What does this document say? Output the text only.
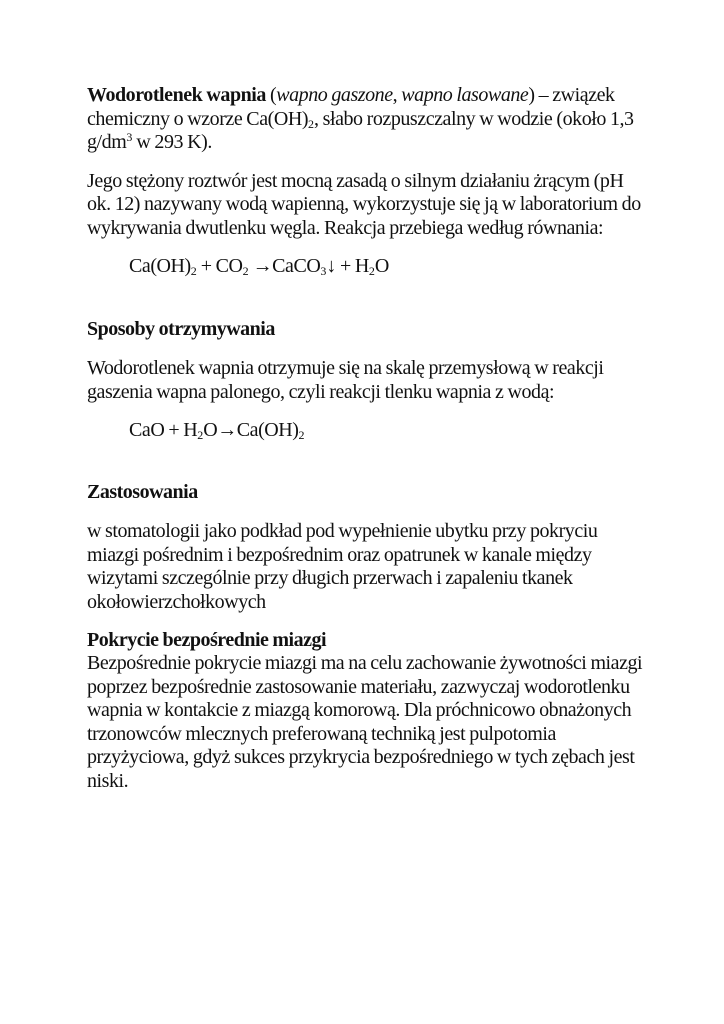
Wodorotlenek wapnia (wapno gaszone, wapno lasowane) – związek chemiczny o wzorze $Ca(OH)_2$, słabo rozpuszczalny w wodzie (około 1,3 $g/dm^3$ w 293 K).

Jego stężony roztwór jest mocną zasadą o silnym działaniu żrącym (pH ok. 12) nazywany wodą wapienną, wykorzystuje się ją w laboratorium do wykrywania dwutlenku węgla. Reakcja przebiega według równania:

$Ca(OH)_2 + CO_2$ →CaCO$_3$↓ + $H_2O$
Sposoby otrzymywania

Wodorotlenek wapnia otrzymuje się na skalę przemysłową w reakcji gaszenia wapna palonego, czyli reakcji tlenku wapnia z wodą:

CaO + $H_2O\to Ca(OH)_2$
Zastosowania

w stomatologii jako podkład pod wypełnienie ubytku przy pokryciu miazgi pośrednim i bezpośrednim oraz opatrunek w kanale między wizytami szczególnie przy długich przerwach i zapaleniu tkanek okołowierzchołkowych

Pokrycie bezpośrednie miazgi

Bezpośrednie pokrycie miazgi ma na celu zachowanie żywotności miazgi poprzez bezpośrednie zastosowanie materiału, zazwyczaj wodorotlenku wapnia w kontakcie z miazgą komorową. Dla próchnicowo obnażonych trzonowców mlecznych preferowaną techniką jest pulpotomia przyżyciowa, gdyż sukces przykrycia bezpośredniego w tych zębach jest niski.
